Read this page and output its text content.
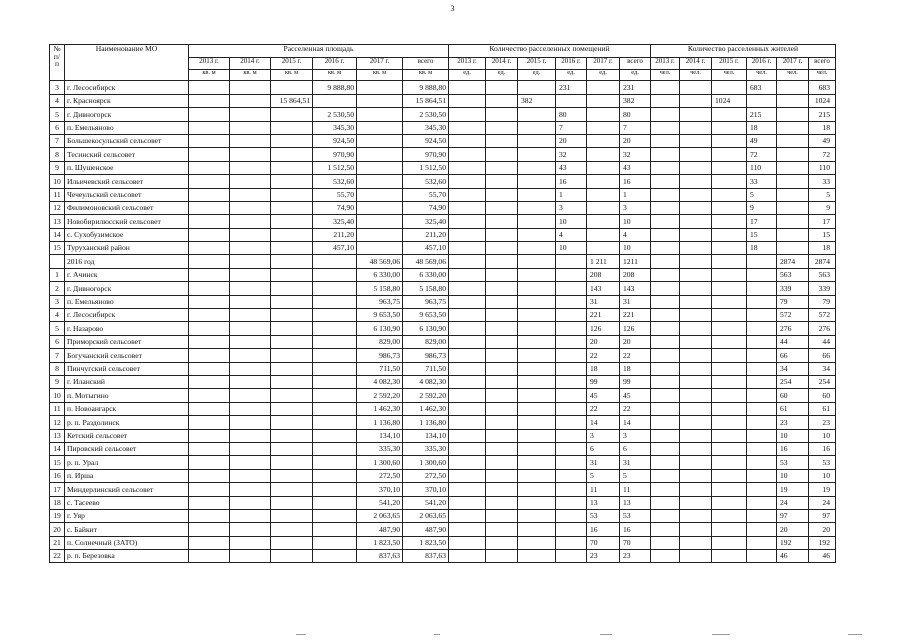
3
№ п/п	Наименование МО	Расселенная площадь						Количество расселенных помещений						Количество расселенных жителей					
		2013 г.	2014 г.	2015 г.	2016 г.	2017 г.	всего	2013 г.	2014 г.	2015 г.	2016 г.	2017 г.	всего	2013 г.	2014 г.	2015 г.	2016 г.	2017 г.	всего
		кв. м	кв. м	кв. м	кв. м	кв. м	кв. м	ед.	ед.	ед.	ед.	ед.	ед.	чел.	чел.	чел.	чел.	чел.	чел.
3	г. Лесосибирск				9 888,80		9 888,80				231		231				683		683
4	г. Красноярск			15 864,51			15 864,51			382			382			1024			1024
5	г. Дивногорск				2 530,50		2 530,50				80		80				215		215
6	п. Емельяново				345,30		345,30				7		7				18		18
7	Большекосульский сельсовет				924,50		924,50				20		20				49		49
8	Тесинский сельсовет				970,90		970,90				32		32				72		72
9	п. Шушенское				1 512,50		1 512,50				43		43				110		110
10	Ильичевский сельсовет				532,60		532,60				16		16				33		33
11	Чечеульский сельсовет				55,70		55,70				1		1				5		5
12	Филимоновский сельсовет				74,90		74,90				3		3				9		9
13	Новобирилюсский сельсовет				325,40		325,40				10		10				17		17
14	с. Сухобузимское				211,20		211,20				4		4				15		15
15	Туруханский район				457,10		457,10				10		10				18		18
	2016 год					48 569,06	48 569,06					1 211	1211					2874	2874
1	г. Ачинск					6 330,00	6 330,00					208	208					563	563
2	г. Дивногорск					5 158,80	5 158,80					143	143					339	339
3	п. Емельяново					963,75	963,75					31	31					79	79
4	г. Лесосибирск					9 653,50	9 653,50					221	221					572	572
5	г. Назарово					6 130,90	6 130,90					126	126					276	276
6	Приморский сельсовет					829,00	829,00					20	20					44	44
7	Богучанский сельсовет					986,73	986,73					22	22					66	66
8	Пинчугский сельсовет					711,50	711,50					18	18					34	34
9	г. Иланский					4 082,30	4 082,30					99	99					254	254
10	п. Мотыгино					2 592,20	2 592,20					45	45					60	60
11	п. Новоангарск					1 462,30	1 462,30					22	22					61	61
12	р. п. Раздолинск					1 136,80	1 136,80					14	14					23	23
13	Кетский сельсовет					134,10	134,10					3	3					10	10
14	Пировский сельсовет					335,30	335,30					6	6					16	16
15	р. п. Урал					1 300,60	1 300,60					31	31					53	53
16	п. Ирша					272,50	272,50					5	5					10	10
17	Миндерлинский сельсовет					370,10	370,10					11	11					19	19
18	с. Тасеево					541,20	541,20					13	13					24	24
19	г. Уяр					2 063,65	2 063,65					53	53					97	97
20	с. Байкит					487,90	487,90					16	16					20	20
21	п. Солнечный (ЗАТО)					1 823,50	1 823,50					70	70					192	192
22	р. п. Березовка					837,63	837,63					23	23					46	46
